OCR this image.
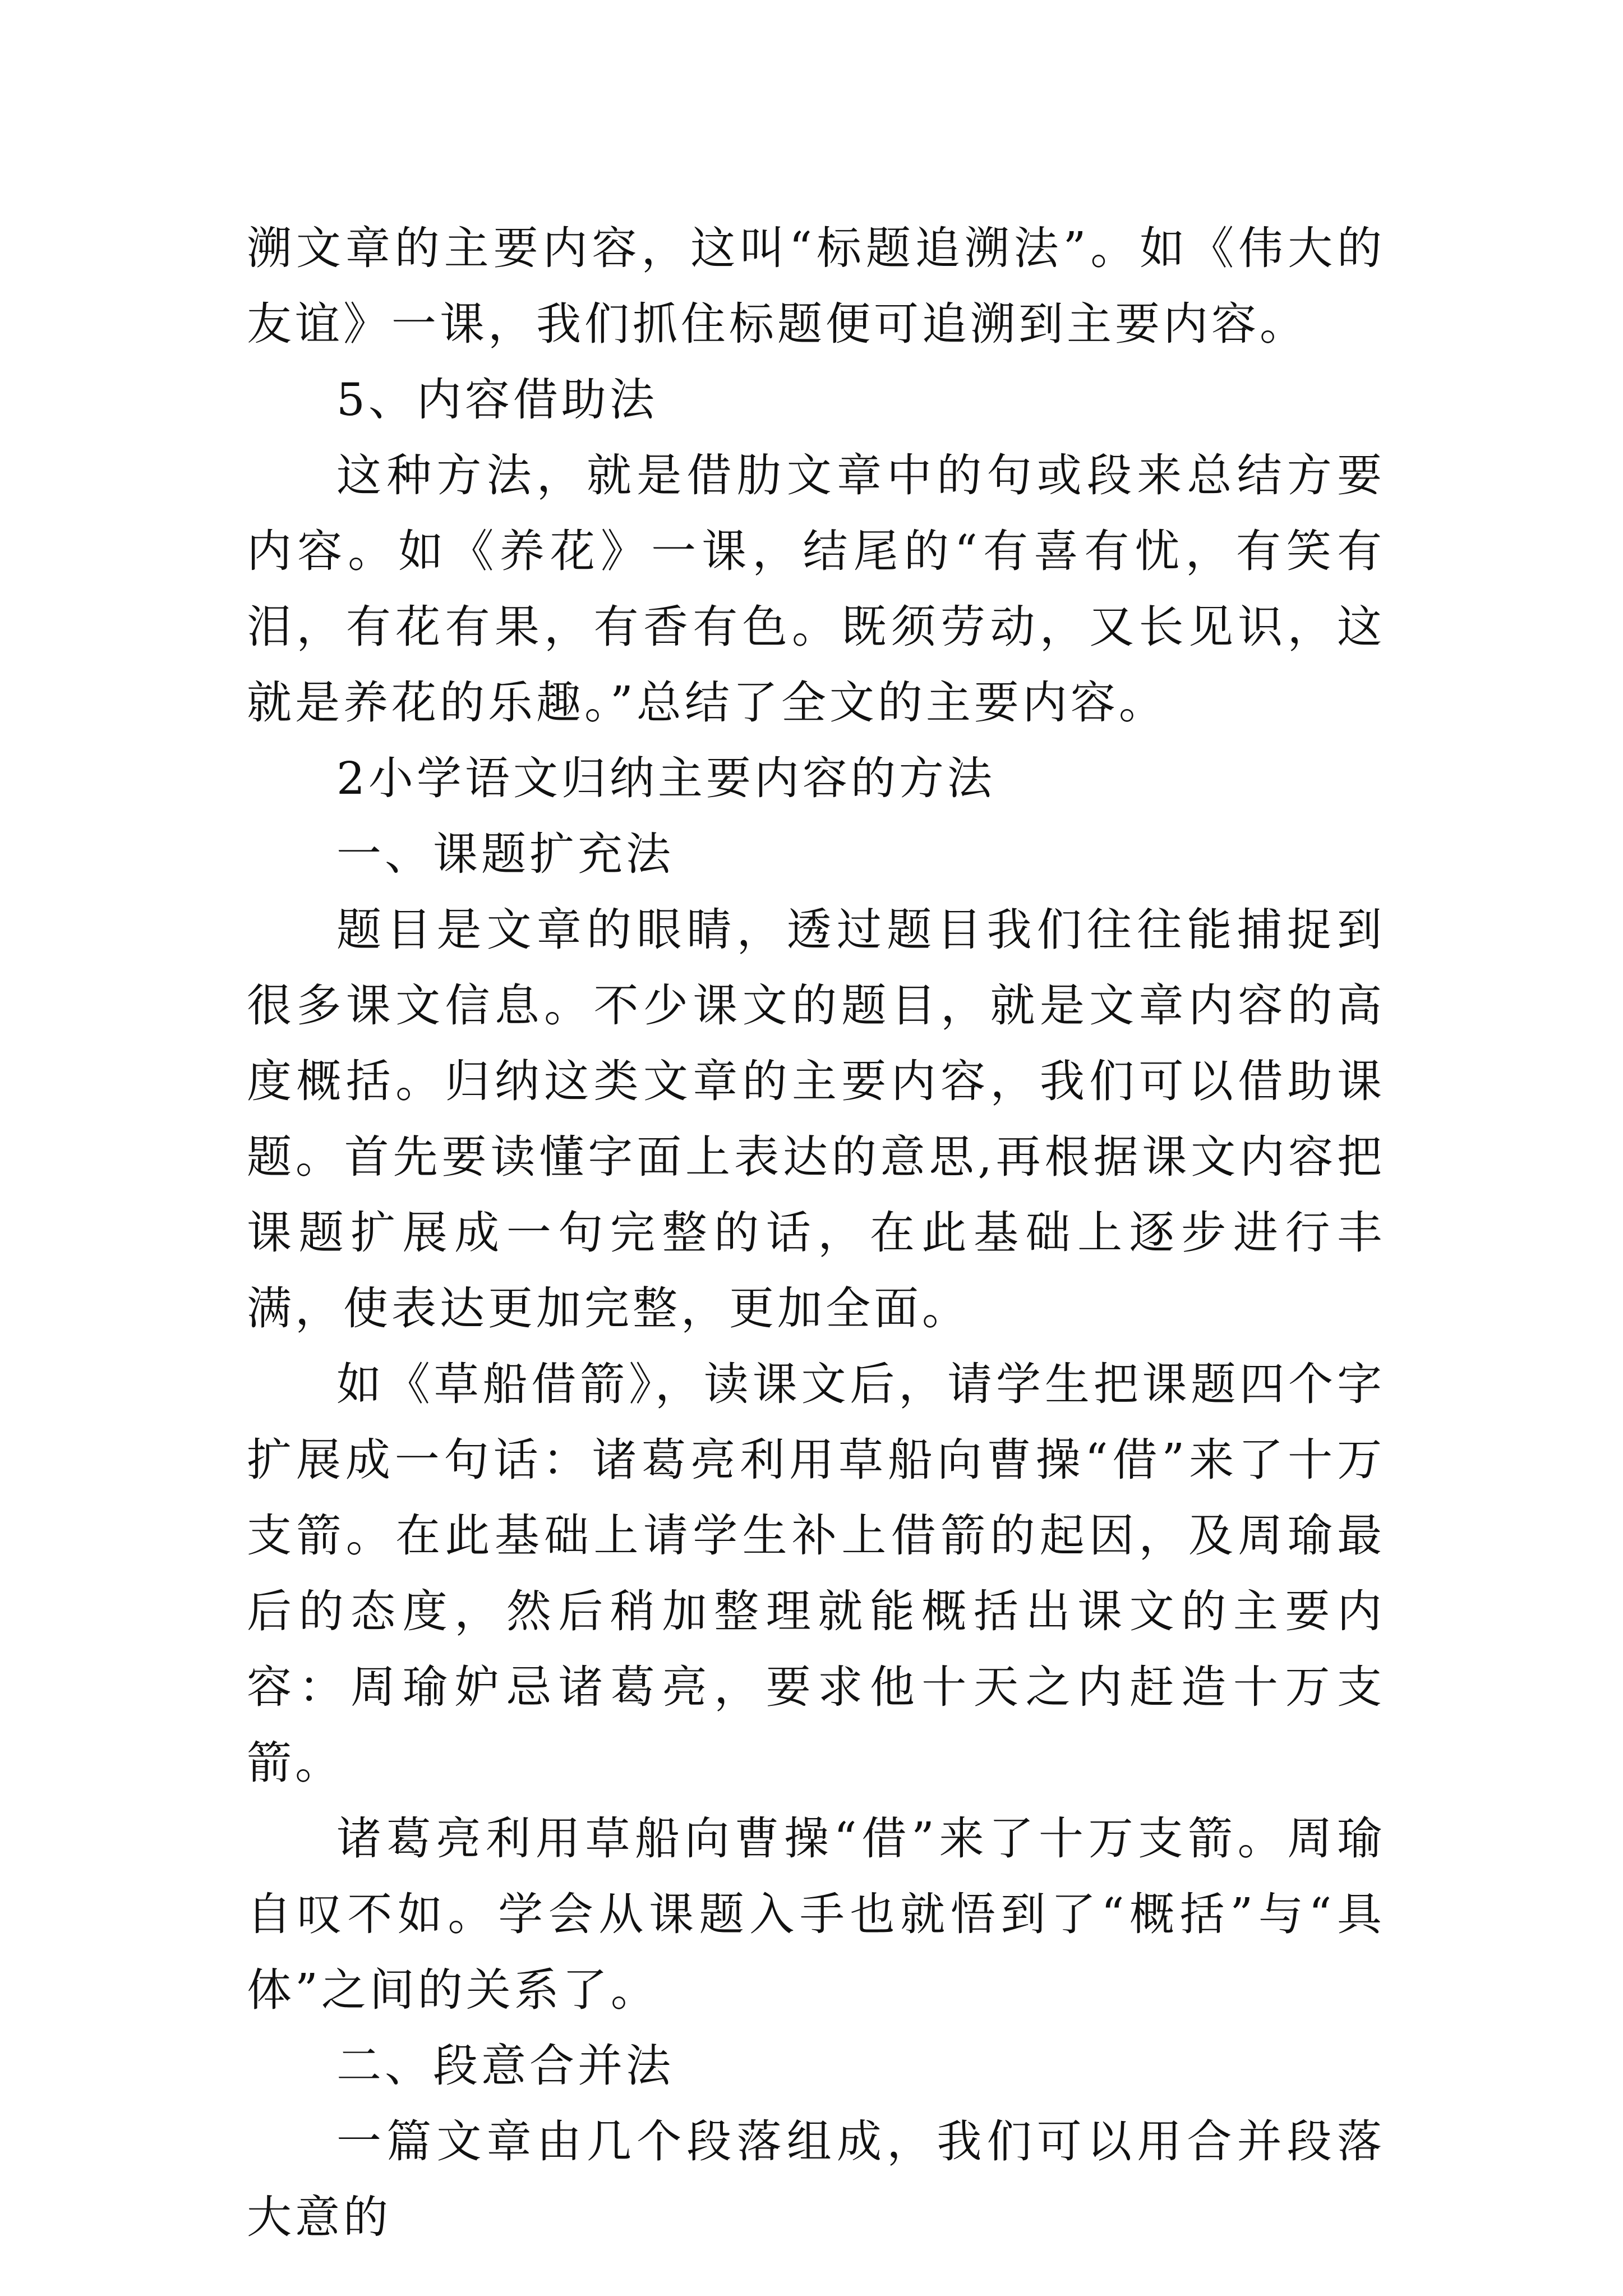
溯文章的主要内容，这叫“标题追溯法”。如《伟大的友谊》一课，我们抓住标题便可追溯到主要内容。

5、内容借助法

这种方法，就是借肋文章中的句或段来总结方要内容。如《养花》一课，结尾的“有喜有忧，有笑有泪，有花有果，有香有色。既须劳动，又长见识，这就是养花的乐趣。”总结了全文的主要内容。

2小学语文归纳主要内容的方法

一、课题扩充法

题目是文章的眼睛，透过题目我们往往能捕捉到很多课文信息。不少课文的题目，就是文章内容的高度概括。归纳这类文章的主要内容，我们可以借助课题。首先要读懂字面上表达的意思,再根据课文内容把课题扩展成一句完整的话，在此基础上逐步进行丰满，使表达更加完整，更加全面。

如《草船借箭》，读课文后，请学生把课题四个字扩展成一句话：诸葛亮利用草船向曹操“借”来了十万支箭。在此基础上请学生补上借箭的起因，及周瑜最后的态度，然后稍加整理就能概括出课文的主要内容：周瑜妒忌诸葛亮，要求他十天之内赶造十万支箭。

诸葛亮利用草船向曹操“借”来了十万支箭。周瑜自叹不如。学会从课题入手也就悟到了“概括”与“具体”之间的关系了。

二、段意合并法

一篇文章由几个段落组成，我们可以用合并段落大意的
